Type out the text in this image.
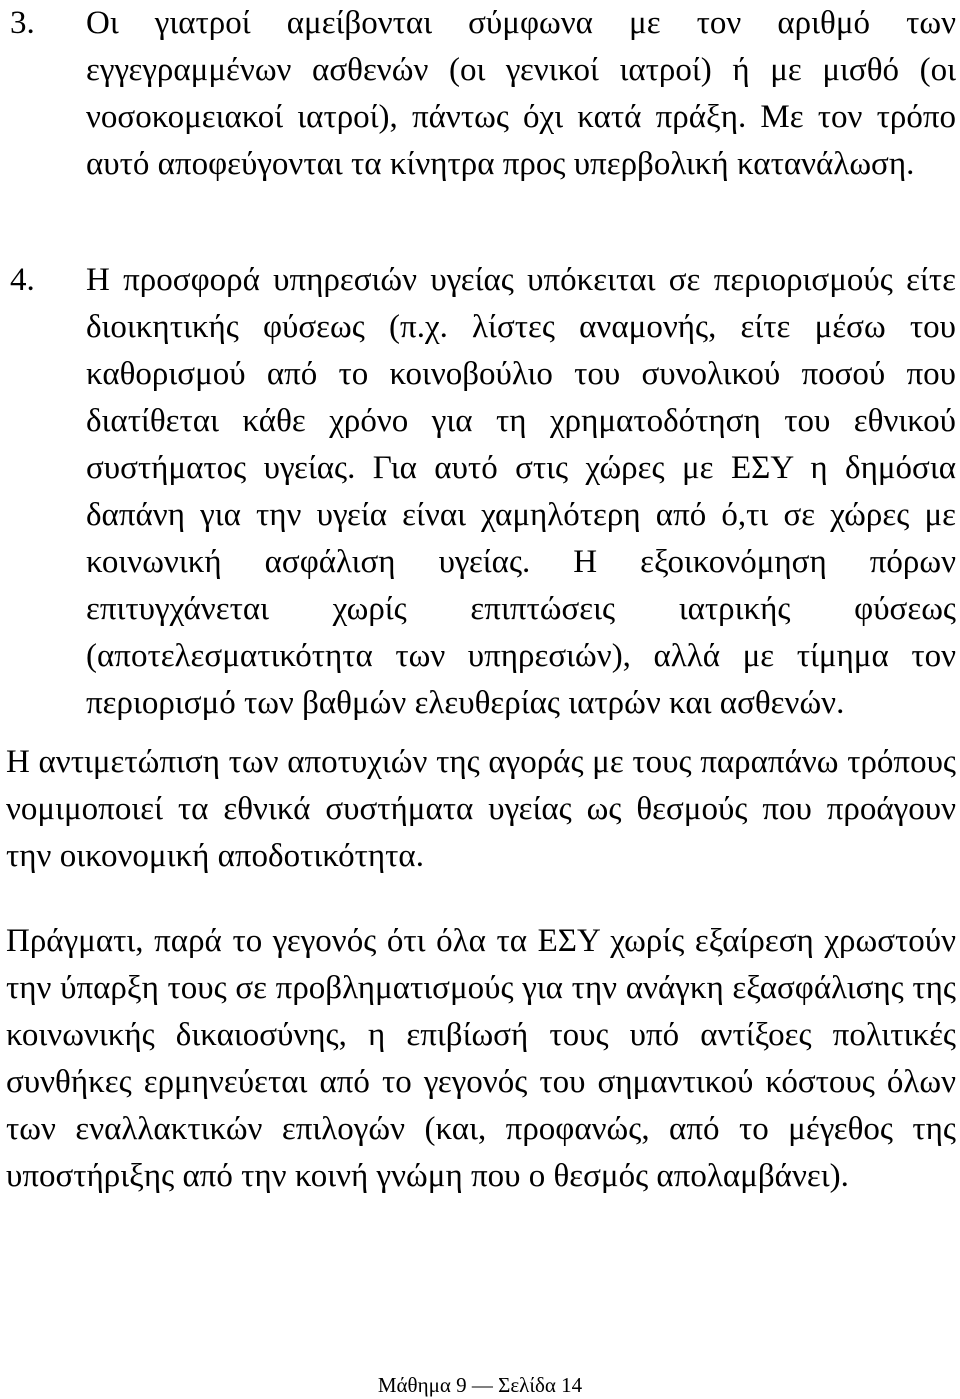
3. Οι γιατροί αμείβονται σύμφωνα με τον αριθμό των εγγεγραμμένων ασθενών (οι γενικοί ιατροί) ή με μισθό (οι νοσοκομειακοί ιατροί), πάντως όχι κατά πράξη. Με τον τρόπο αυτό αποφεύγονται τα κίνητρα προς υπερβολική κατανάλωση.
4. Η προσφορά υπηρεσιών υγείας υπόκειται σε περιορισμούς είτε διοικητικής φύσεως (π.χ. λίστες αναμονής, είτε μέσω του καθορισμού από το κοινοβούλιο του συνολικού ποσού που διατίθεται κάθε χρόνο για τη χρηματοδότηση του εθνικού συστήματος υγείας. Για αυτό στις χώρες με ΕΣΥ η δημόσια δαπάνη για την υγεία είναι χαμηλότερη από ό,τι σε χώρες με κοινωνική ασφάλιση υγείας. Η εξοικονόμηση πόρων επιτυγχάνεται χωρίς επιπτώσεις ιατρικής φύσεως (αποτελεσματικότητα των υπηρεσιών), αλλά με τίμημα τον περιορισμό των βαθμών ελευθερίας ιατρών και ασθενών.

Η αντιμετώπιση των αποτυχιών της αγοράς με τους παραπάνω τρόπους νομιμοποιεί τα εθνικά συστήματα υγείας ως θεσμούς που προάγουν την οικονομική αποδοτικότητα.

Πράγματι, παρά το γεγονός ότι όλα τα ΕΣΥ χωρίς εξαίρεση χρωστούν την ύπαρξη τους σε προβληματισμούς για την ανάγκη εξασφάλισης της κοινωνικής δικαιοσύνης, η επιβίωσή τους υπό αντίξοες πολιτικές συνθήκες ερμηνεύεται από το γεγονός του σημαντικού κόστους όλων των εναλλακτικών επιλογών (και, προφανώς, από το μέγεθος της υποστήριξης από την κοινή γνώμη που ο θεσμός απολαμβάνει).

Μάθημα 9 — Σελίδα 14
